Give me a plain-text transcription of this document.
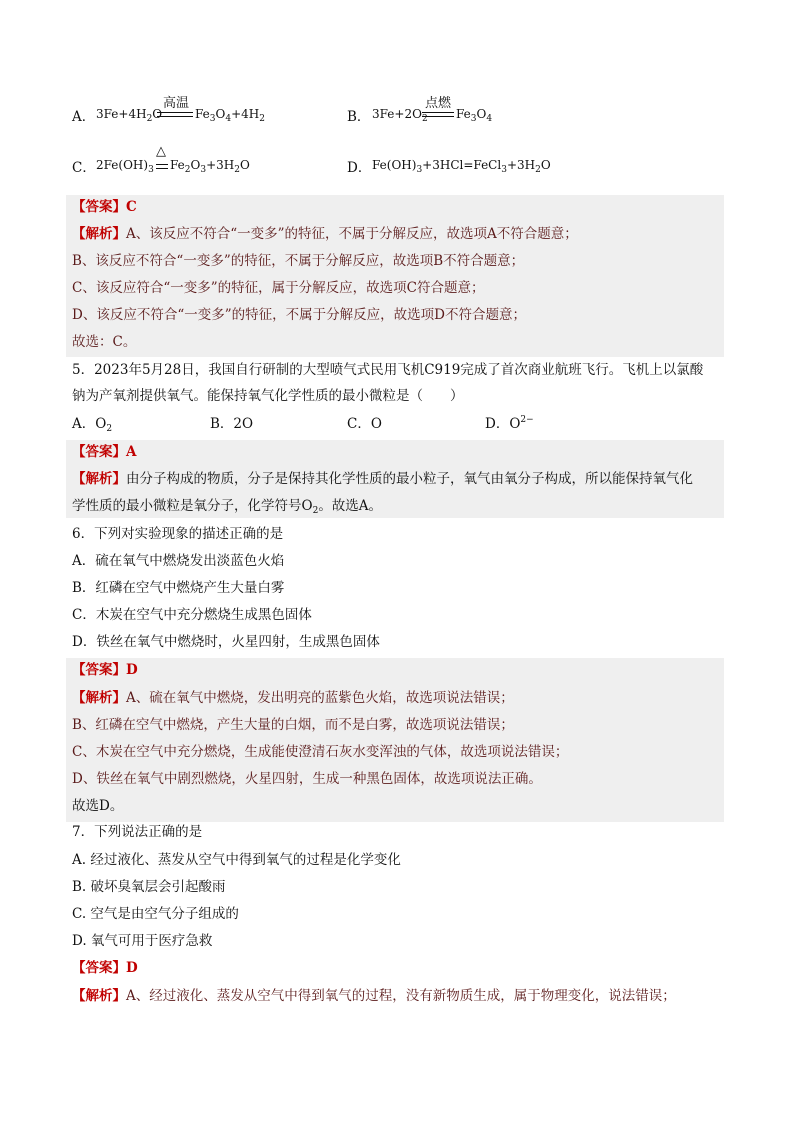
A． $3Fe+4H_2O$
高温
$Fe_3O_4+4H_2$	B． $3Fe+2O_2$
点燃
$Fe_3O_4$
C． $2Fe(OH)_3$
△
$Fe_2O_3+3H_2O$	D． $Fe(OH)_3+3HCl=FeCl_3+3H_2O$
【答案】C
【解析】A、该反应不符合“一变多”的特征，不属于分解反应，故选项A不符合题意；
B、该反应不符合“一变多”的特征，不属于分解反应，故选项B不符合题意；
C、该反应符合“一变多”的特征，属于分解反应，故选项C符合题意；
D、该反应不符合“一变多”的特征，不属于分解反应，故选项D不符合题意；
故选：C。
5．2023年5月28日，我国自行研制的大型喷气式民用飞机C919完成了首次商业航班飞行。飞机上以氯酸
钠为产氧剂提供氧气。能保持氧气化学性质的最小微粒是（　　）
A．$O_2$	B．2O	C．O	D．$O^{2-}$
【答案】A
【解析】由分子构成的物质，分子是保持其化学性质的最小粒子，氧气由氧分子构成，所以能保持氧气化
学性质的最小微粒是氧分子，化学符号$O_2$。故选A。
6．下列对实验现象的描述正确的是
A．硫在氧气中燃烧发出淡蓝色火焰
B．红磷在空气中燃烧产生大量白雾
C．木炭在空气中充分燃烧生成黑色固体
D．铁丝在氧气中燃烧时，火星四射，生成黑色固体
【答案】D
【解析】A、硫在氧气中燃烧，发出明亮的蓝紫色火焰，故选项说法错误；
B、红磷在空气中燃烧，产生大量的白烟，而不是白雾，故选项说法错误；
C、木炭在空气中充分燃烧，生成能使澄清石灰水变浑浊的气体，故选项说法错误；
D、铁丝在氧气中剧烈燃烧，火星四射，生成一种黑色固体，故选项说法正确。
故选D。
7．下列说法正确的是
A. 经过液化、蒸发从空气中得到氧气的过程是化学变化
B. 破坏臭氧层会引起酸雨
C. 空气是由空气分子组成的
D. 氧气可用于医疗急救
【答案】D
【解析】A、经过液化、蒸发从空气中得到氧气的过程，没有新物质生成，属于物理变化，说法错误；
